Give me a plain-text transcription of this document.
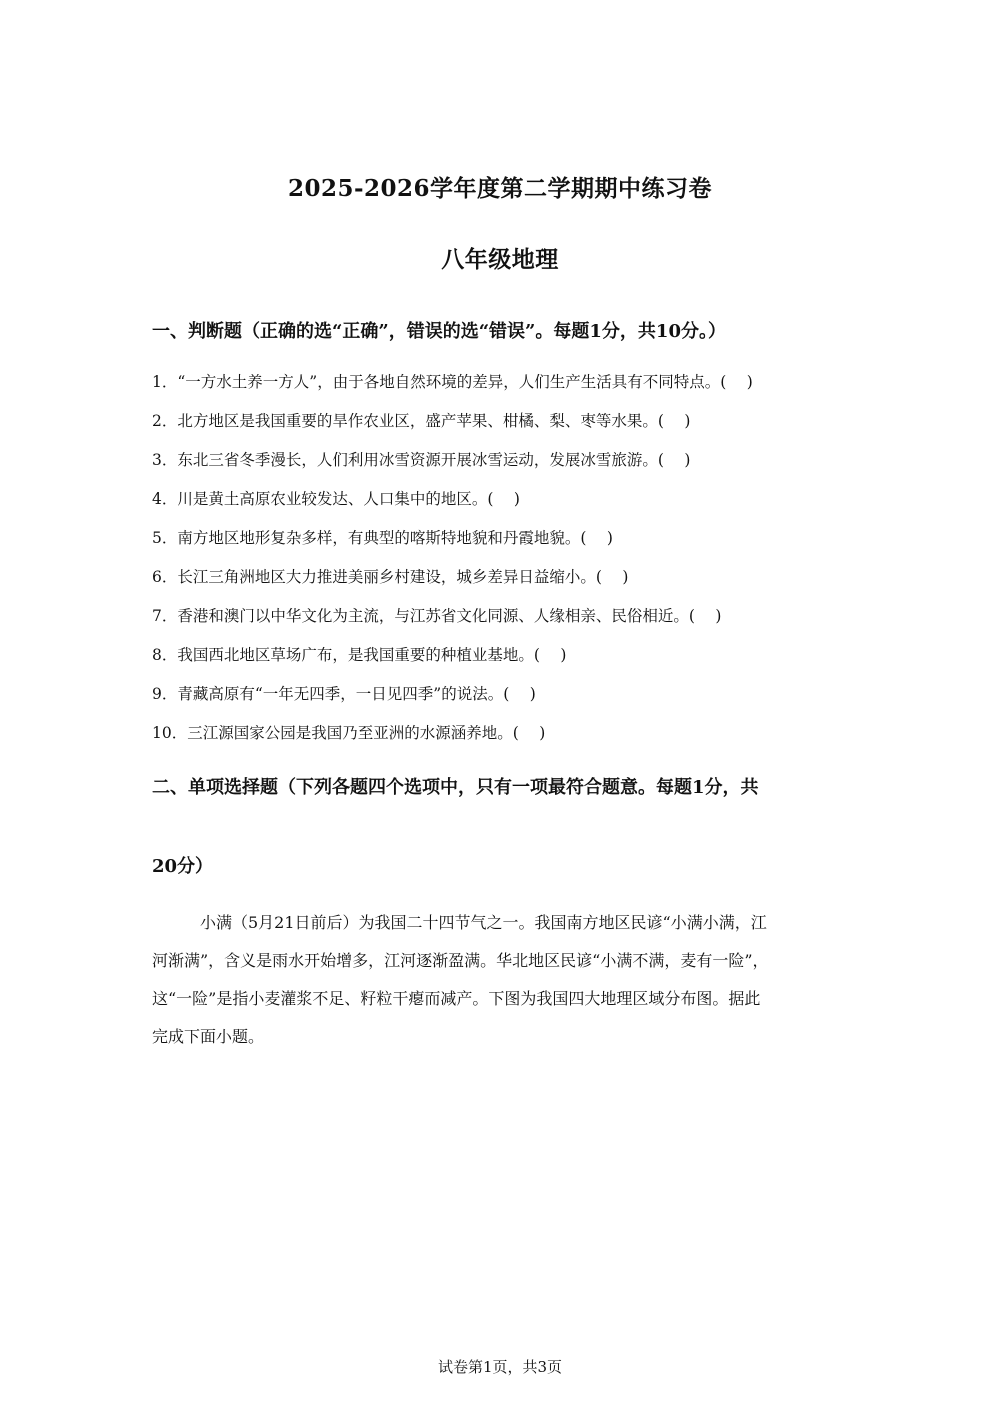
2025-2026学年度第二学期期中练习卷
八年级地理
一、判断题（正确的选“正确”，错误的选“错误”。每题1分，共10分。）
1．“一方水土养一方人”，由于各地自然环境的差异，人们生产生活具有不同特点。(　 )
2．北方地区是我国重要的旱作农业区，盛产苹果、柑橘、梨、枣等水果。(　 )
3．东北三省冬季漫长，人们利用冰雪资源开展冰雪运动，发展冰雪旅游。(　 )
4．川是黄土高原农业较发达、人口集中的地区。(　 )
5．南方地区地形复杂多样，有典型的喀斯特地貌和丹霞地貌。(　 )
6．长江三角洲地区大力推进美丽乡村建设，城乡差异日益缩小。(　 )
7．香港和澳门以中华文化为主流，与江苏省文化同源、人缘相亲、民俗相近。(　 )
8．我国西北地区草场广布，是我国重要的种植业基地。(　 )
9．青藏高原有“一年无四季，一日见四季”的说法。(　 )
10．三江源国家公园是我国乃至亚洲的水源涵养地。(　 )
二、单项选择题（下列各题四个选项中，只有一项最符合题意。每题1分，共
20分）
小满（5月21日前后）为我国二十四节气之一。我国南方地区民谚“小满小满，江
河渐满”，含义是雨水开始增多，江河逐渐盈满。华北地区民谚“小满不满，麦有一险”，
这“一险”是指小麦灌浆不足、籽粒干瘪而减产。下图为我国四大地理区域分布图。据此
完成下面小题。
试卷第1页，共3页
